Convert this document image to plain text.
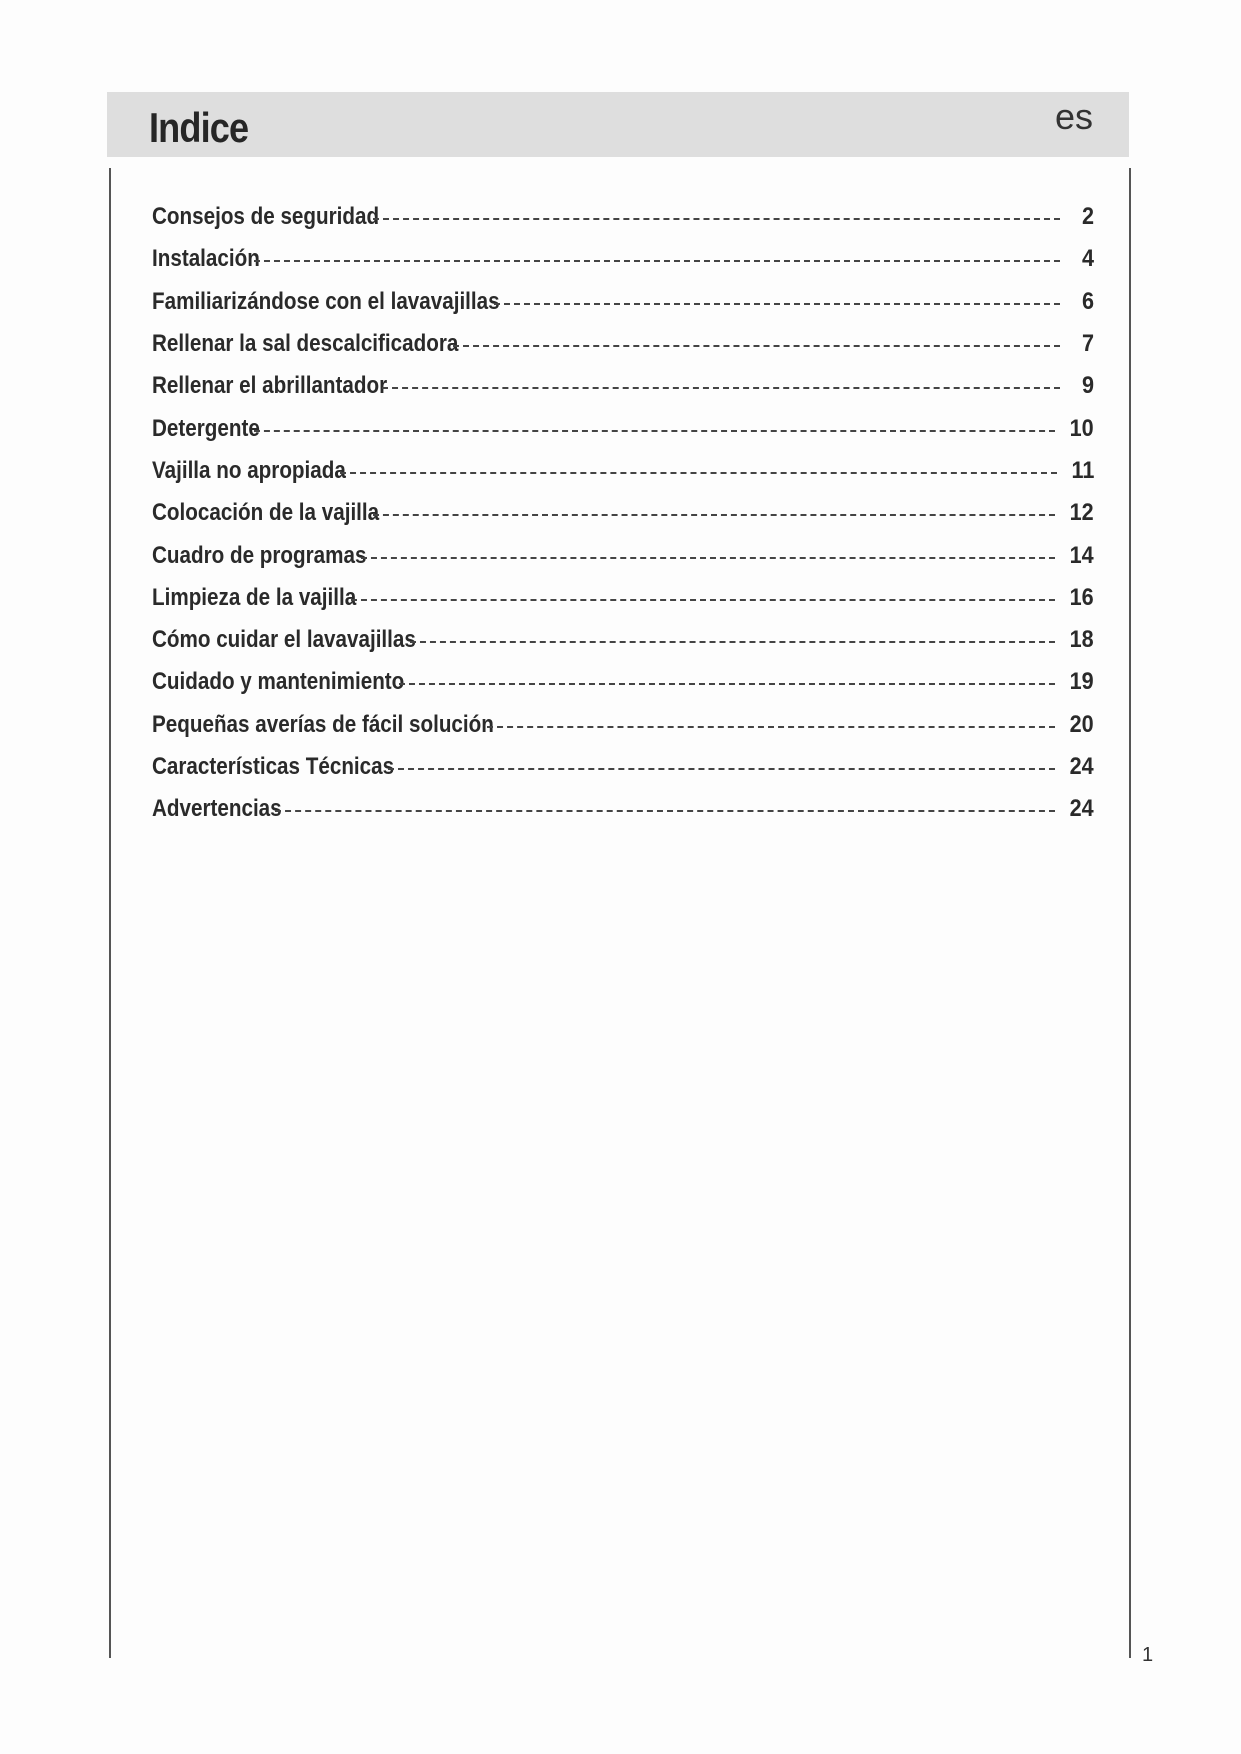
Indice	es
Consejos de seguridad	2
Instalación	4
Familiarizándose con el lavavajillas	6
Rellenar la sal descalcificadora	7
Rellenar el abrillantador	9
Detergente	10
Vajilla no apropiada	11
Colocación de la vajilla	12
Cuadro de programas	14
Limpieza de la vajilla	16
Cómo cuidar el lavavajillas	18
Cuidado y mantenimiento	19
Pequeñas averías de fácil solución	20
Características Técnicas	24
Advertencias	24
1
